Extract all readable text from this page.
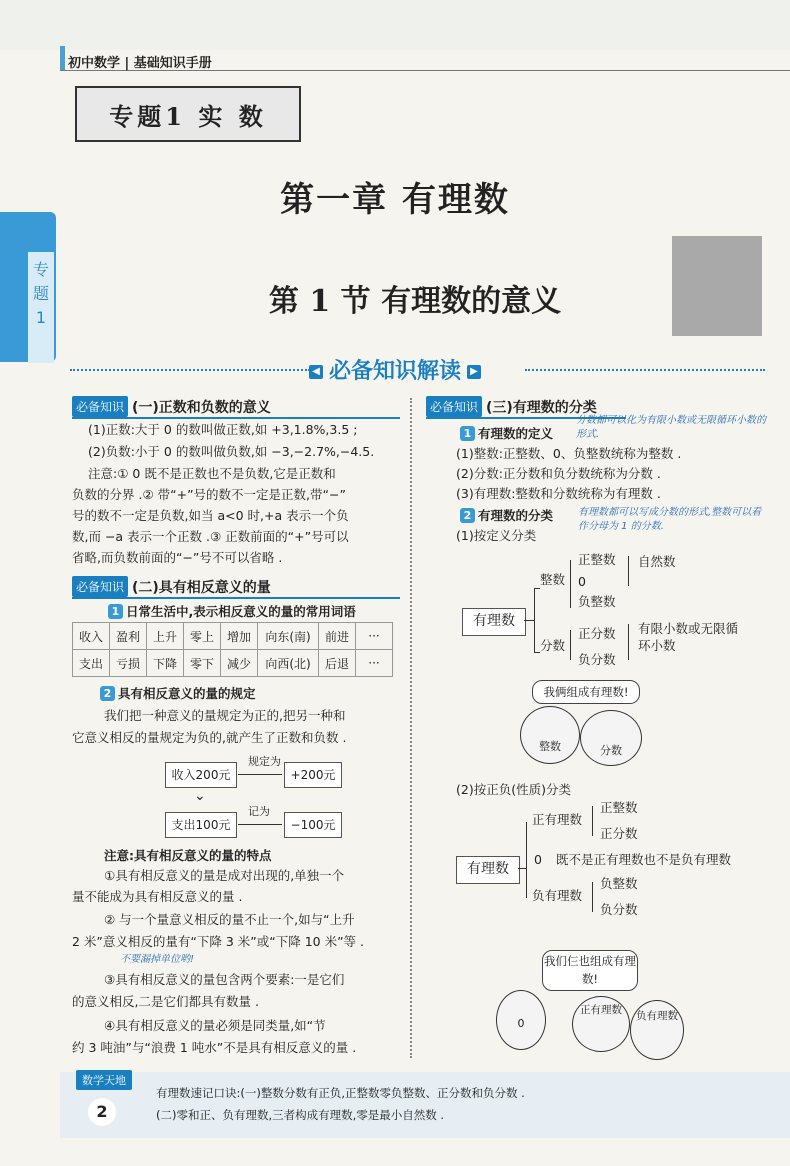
初中数学 | 基础知识手册
专题1 实 数
专题1
第一章 有理数
第 1 节 有理数的意义
◀ 必备知识解读 ▶
必备知识 (一)正数和负数的意义
(1)正数:大于 0 的数叫做正数,如 +3,1.8%,3.5 ;
(2)负数:小于 0 的数叫做负数,如 −3,−2.7%,−4.5.
注意:① 0 既不是正数也不是负数,它是正数和
负数的分界 .② 带“+”号的数不一定是正数,带“−”
号的数不一定是负数,如当 a<0 时,+a 表示一个负
数,而 −a 表示一个正数 .③ 正数前面的“+”号可以
省略,而负数前面的“−”号不可以省略 .
必备知识 (二)具有相反意义的量
1 日常生活中,表示相反意义的量的常用词语
收入	盈利	上升	零上	增加	向东(南)	前进	···
支出	亏损	下降	零下	减少	向西(北)	后退	···
2 具有相反意义的量的规定
我们把一种意义的量规定为正的,把另一种和
它意义相反的量规定为负的,就产生了正数和负数 .
收入200元
规定为
+200元
⌄
支出100元
记为
−100元
注意:具有相反意义的量的特点
①具有相反意义的量是成对出现的,单独一个
量不能成为具有相反意义的量 .
② 与一个量意义相反的量不止一个,如与“上升
2 米”意义相反的量有“下降 3 米”或“下降 10 米”等 .
不要漏掉单位哟!
③具有相反意义的量包含两个要素:一是它们
的意义相反,二是它们都具有数量 .
④具有相反意义的量必须是同类量,如“节
约 3 吨油”与“浪费 1 吨水”不是具有相反意义的量 .
必备知识 (三)有理数的分类
分数都可以化为有限小数或无限循环小数的形式.
1 有理数的定义
(1)整数:正整数、0、负整数统称为整数 .
(2)分数:正分数和负分数统称为分数 .
(3)有理数:整数和分数统称为有理数 .
有理数都可以写成分数的形式,整数可以看作分母为 1 的分数.
2 有理数的分类
(1)按定义分类
有理数
整数
分数
正整数
0
负整数
自然数
正分数
负分数
有限小数或无限循环小数
我俩组成有理数!
整数	分数
(2)按正负(性质)分类
有理数
正有理数
正整数
正分数
0 既不是正有理数也不是负有理数
负有理数
负整数
负分数
我们仨也组成有理数!
0
正有理数	负有理数
数学天地
2
有理数速记口诀:(一)整数分数有正负,正整数零负整数、正分数和负分数 .
(二)零和正、负有理数,三者构成有理数,零是最小自然数 .
